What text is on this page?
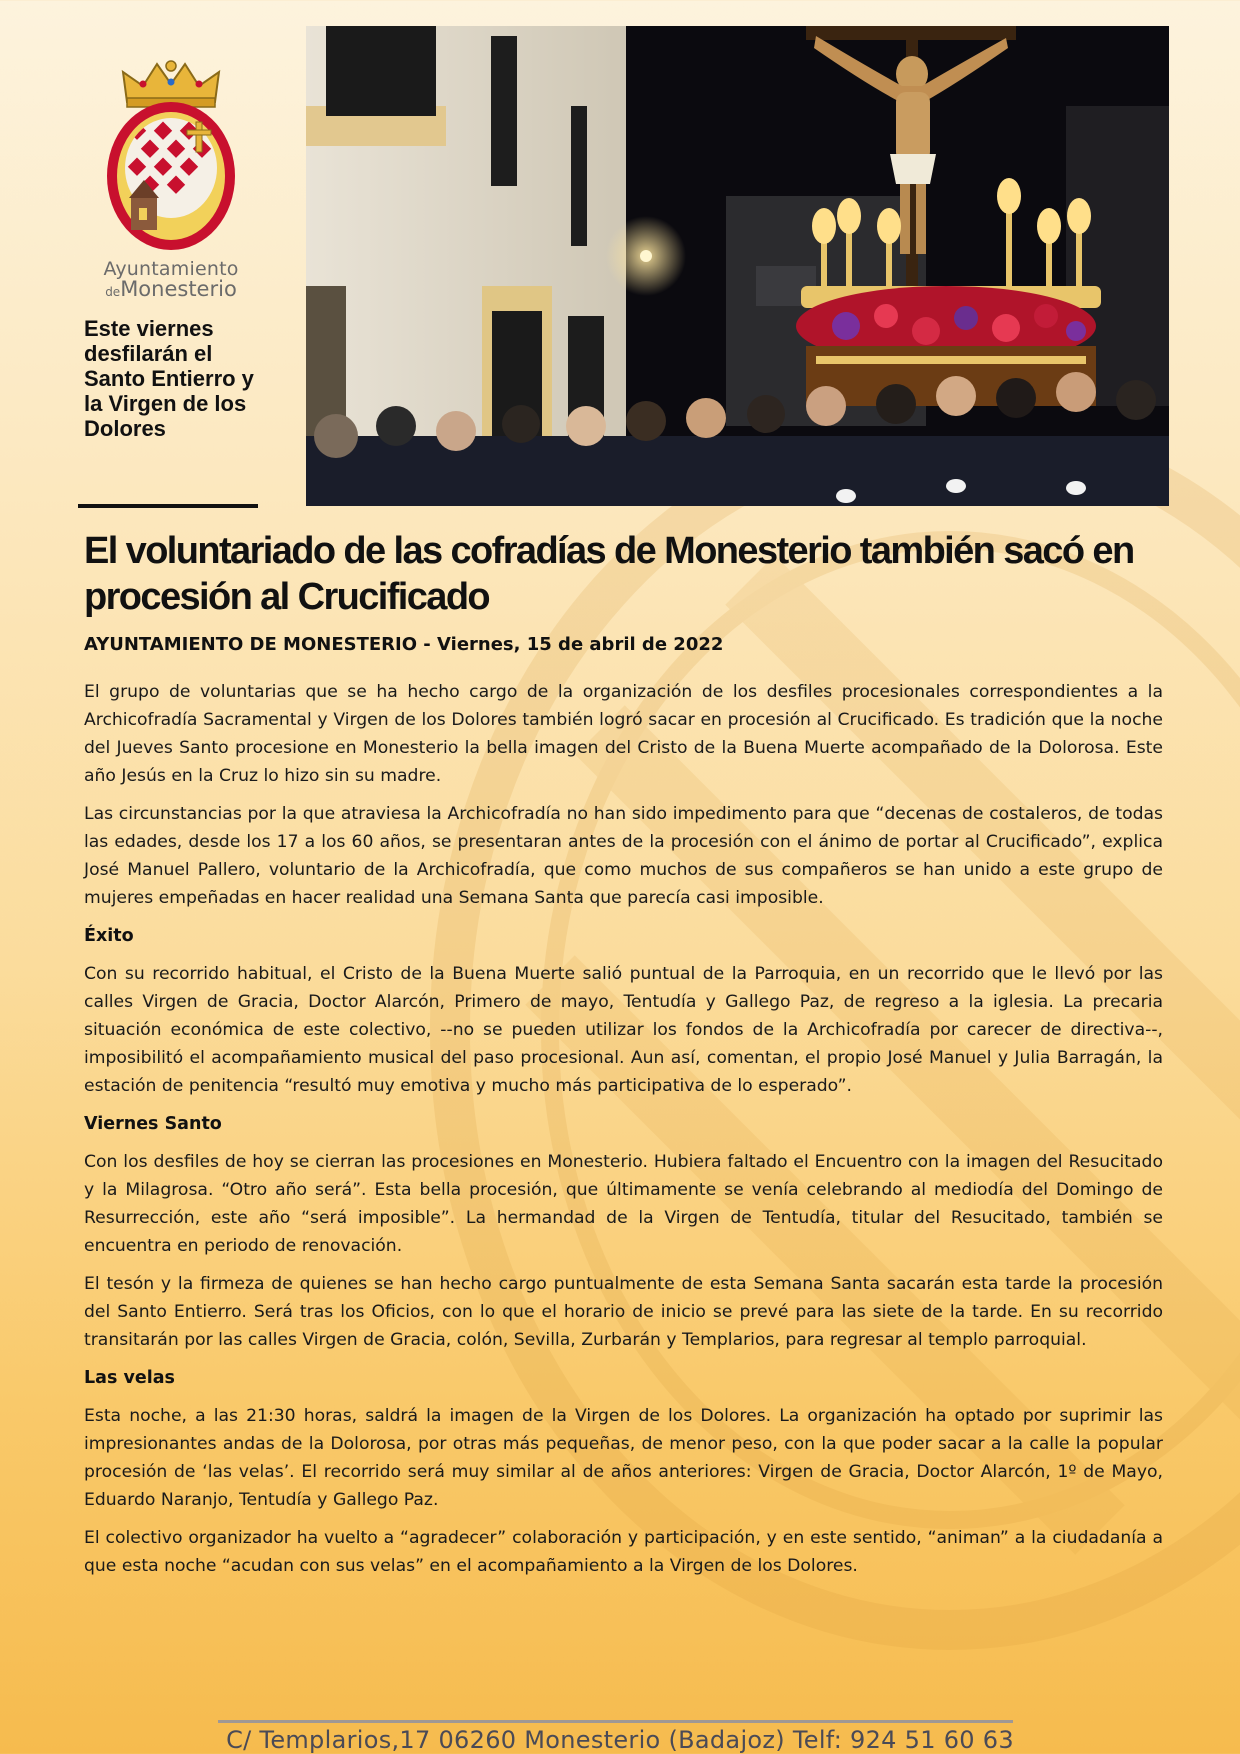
Ayuntamiento
deMonesterio
Este viernes desfilarán el Santo Entierro y la Virgen de los Dolores
El voluntariado de las cofradías de Monesterio también sacó en procesión al Crucificado

AYUNTAMIENTO DE MONESTERIO - Viernes, 15 de abril de 2022

El grupo de voluntarias que se ha hecho cargo de la organización de los desfiles procesionales correspondientes a la Archicofradía Sacramental y Virgen de los Dolores también logró sacar en procesión al Crucificado. Es tradición que la noche del Jueves Santo procesione en Monesterio la bella imagen del Cristo de la Buena Muerte acompañado de la Dolorosa. Este año Jesús en la Cruz lo hizo sin su madre.

Las circunstancias por la que atraviesa la Archicofradía no han sido impedimento para que “decenas de costaleros, de todas las edades, desde los 17 a los 60 años, se presentaran antes de la procesión con el ánimo de portar al Crucificado”, explica José Manuel Pallero, voluntario de la Archicofradía, que como muchos de sus compañeros se han unido a este grupo de mujeres empeñadas en hacer realidad una Semana Santa que parecía casi imposible.

Éxito

Con su recorrido habitual, el Cristo de la Buena Muerte salió puntual de la Parroquia, en un recorrido que le llevó por las calles Virgen de Gracia, Doctor Alarcón, Primero de mayo, Tentudía y Gallego Paz, de regreso a la iglesia. La precaria situación económica de este colectivo, --no se pueden utilizar los fondos de la Archicofradía por carecer de directiva--, imposibilitó el acompañamiento musical del paso procesional. Aun así, comentan, el propio José Manuel y Julia Barragán, la estación de penitencia “resultó muy emotiva y mucho más participativa de lo esperado”.

Viernes Santo

Con los desfiles de hoy se cierran las procesiones en Monesterio. Hubiera faltado el Encuentro con la imagen del Resucitado y la Milagrosa. “Otro año será”. Esta bella procesión, que últimamente se venía celebrando al mediodía del Domingo de Resurrección, este año “será imposible”. La hermandad de la Virgen de Tentudía, titular del Resucitado, también se encuentra en periodo de renovación.

El tesón y la firmeza de quienes se han hecho cargo puntualmente de esta Semana Santa sacarán esta tarde la procesión del Santo Entierro. Será tras los Oficios, con lo que el horario de inicio se prevé para las siete de la tarde. En su recorrido transitarán por las calles Virgen de Gracia, colón, Sevilla, Zurbarán y Templarios, para regresar al templo parroquial.

Las velas

Esta noche, a las 21:30 horas, saldrá la imagen de la Virgen de los Dolores. La organización ha optado por suprimir las impresionantes andas de la Dolorosa, por otras más pequeñas, de menor peso, con la que poder sacar a la calle la popular procesión de ‘las velas’. El recorrido será muy similar al de años anteriores: Virgen de Gracia, Doctor Alarcón, 1º de Mayo, Eduardo Naranjo, Tentudía y Gallego Paz.

El colectivo organizador ha vuelto a “agradecer” colaboración y participación, y en este sentido, “animan” a la ciudadanía a que esta noche “acudan con sus velas” en el acompañamiento a la Virgen de los Dolores.

C/ Templarios,17 06260 Monesterio (Badajoz) Telf: 924 51 60 63
